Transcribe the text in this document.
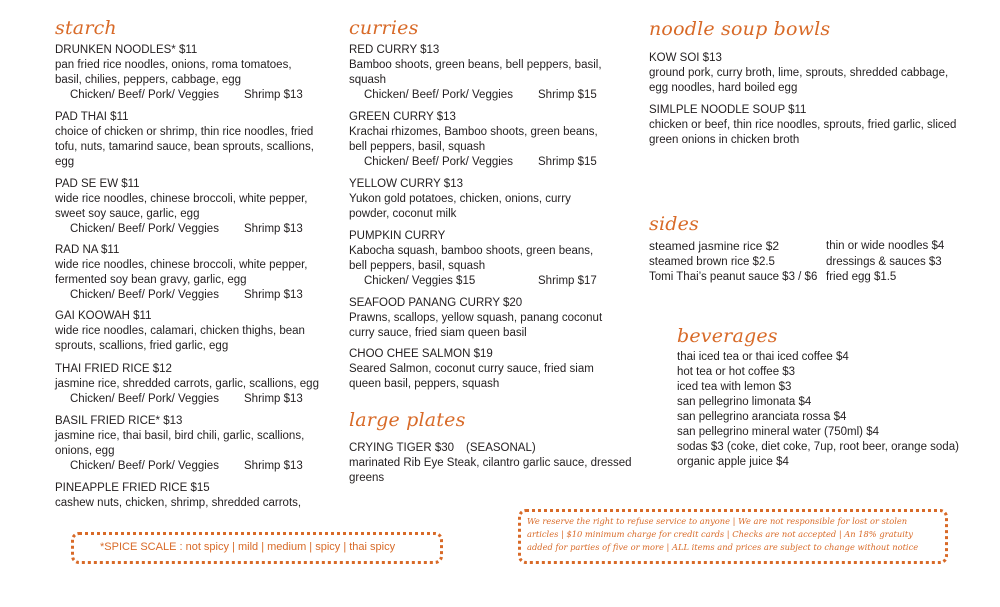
starch
DRUNKEN NOODLES* $11
pan fried rice noodles, onions, roma tomatoes, basil, chilies, peppers, cabbage, egg
Chicken/ Beef/ Pork/ Veggies Shrimp $13
PAD THAI $11
choice of chicken or shrimp, thin rice noodles, fried tofu, nuts, tamarind sauce, bean sprouts, scallions, egg
PAD SE EW $11
wide rice noodles, chinese broccoli, white pepper, sweet soy sauce, garlic, egg
Chicken/ Beef/ Pork/ Veggies Shrimp $13
RAD NA $11
wide rice noodles, chinese broccoli, white pepper, fermented soy bean gravy, garlic, egg
Chicken/ Beef/ Pork/ Veggies Shrimp $13
GAI KOOWAH $11
wide rice noodles, calamari, chicken thighs, bean sprouts, scallions, fried garlic, egg
THAI FRIED RICE $12
jasmine rice, shredded carrots, garlic, scallions, egg
Chicken/ Beef/ Pork/ Veggies Shrimp $13
BASIL FRIED RICE* $13
jasmine rice, thai basil, bird chili, garlic, scallions, onions, egg
Chicken/ Beef/ Pork/ Veggies Shrimp $13
PINEAPPLE FRIED RICE $15
cashew nuts, chicken, shrimp, shredded carrots,
curries
RED CURRY $13
Bamboo shoots, green beans, bell peppers, basil, squash
Chicken/ Beef/ Pork/ Veggies Shrimp $15
GREEN CURRY $13
Krachai rhizomes, Bamboo shoots, green beans, bell peppers, basil, squash
Chicken/ Beef/ Pork/ Veggies Shrimp $15
YELLOW CURRY $13
Yukon gold potatoes, chicken, onions, curry powder, coconut milk
PUMPKIN CURRY
Kabocha squash, bamboo shoots, green beans, bell peppers, basil, squash
Chicken/ Veggies $15	Shrimp $17
SEAFOOD PANANG CURRY $20
Prawns, scallops, yellow squash, panang coconut curry sauce, fried siam queen basil
CHOO CHEE SALMON $19
Seared Salmon, coconut curry sauce, fried siam queen basil, peppers, squash
large plates
CRYING TIGER $30 (SEASONAL)
marinated Rib Eye Steak, cilantro garlic sauce, dressed greens
noodle soup bowls
KOW SOI $13
ground pork, curry broth, lime, sprouts, shredded cabbage, egg noodles, hard boiled egg
SIMLPLE NOODLE SOUP $11
chicken or beef, thin rice noodles, sprouts, fried garlic, sliced green onions in chicken broth
sides
steamed jasmine rice $2
steamed brown rice $2.5
Tomi Thai’s peanut sauce $3 / $6
thin or wide noodles $4
dressings & sauces $3
fried egg $1.5
beverages
thai iced tea or thai iced coffee $4
hot tea or hot coffee $3
iced tea with lemon $3
san pellegrino limonata $4
san pellegrino aranciata rossa $4
san pellegrino mineral water (750ml) $4
sodas $3 (coke, diet coke, 7up, root beer, orange soda)
organic apple juice $4
*SPICE SCALE : not spicy | mild | medium | spicy | thai spicy
We reserve the right to refuse service to anyone | We are not responsible for lost or stolen articles | $10 minimum charge for credit cards | Checks are not accepted | An 18% gratuity added for parties of five or more | ALL items and prices are subject to change without notice
